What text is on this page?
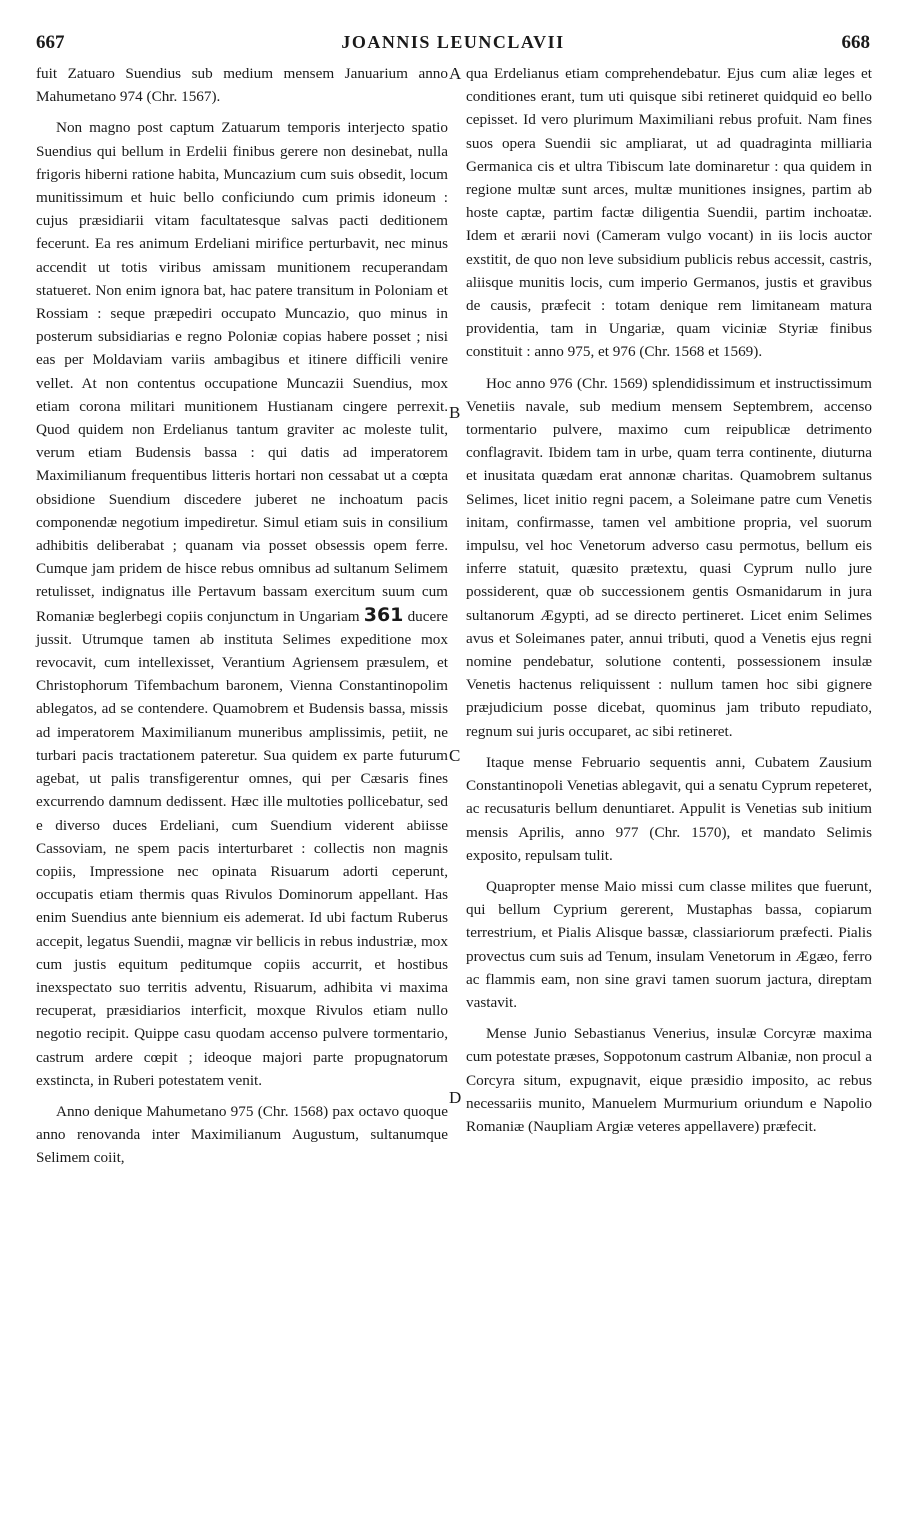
667	JOANNIS LEUNCLAVII	668
A
B
C
D

fuit Zatuaro Suendius sub medium mensem Januarium anno Mahumetano 974 (Chr. 1567).

Non magno post captum Zatuarum temporis interjecto spatio Suendius qui bellum in Erdelii finibus gerere non desinebat, nulla frigoris hiberni ratione habita, Muncazium cum suis obsedit, locum munitissimum et huic bello conficiundo cum primis idoneum : cujus præsidiarii vitam facultatesque salvas pacti deditionem fecerunt. Ea res animum Erdeliani mirifice perturbavit, nec minus accendit ut totis viribus amissam munitionem recuperandam statueret. Non enim ignora bat, hac patere transitum in Poloniam et Rossiam : seque præpediri occupato Muncazio, quo minus in posterum subsidiarias e regno Poloniæ copias habere posset ; nisi eas per Moldaviam variis ambagibus et itinere difficili venire vellet. At non contentus occupatione Muncazii Suendius, mox etiam corona militari munitionem Hustianam cingere perrexit. Quod quidem non Erdelianus tantum graviter ac moleste tulit, verum etiam Budensis bassa : qui datis ad imperatorem Maximilianum frequentibus litteris hortari non cessabat ut a cœpta obsidione Suendium discedere juberet ne inchoatum pacis componendæ negotium impediretur. Simul etiam suis in consilium adhibitis deliberabat ; quanam via posset obsessis opem ferre. Cumque jam pridem de hisce rebus omnibus ad sultanum Selimem retulisset, indignatus ille Pertavum bassam exercitum suum cum Romaniæ beglerbegi copiis conjunctum in Ungariam 361 ducere jussit. Utrumque tamen ab instituta Selimes expeditione mox revocavit, cum intellexisset, Verantium Agriensem præsulem, et Christophorum Tifembachum baronem, Vienna Constantinopolim ablegatos, ad se contendere. Quamobrem et Budensis bassa, missis ad imperatorem Maximilianum muneribus amplissimis, petiit, ne turbari pacis tractationem pateretur. Sua quidem ex parte futurum agebat, ut palis transfigerentur omnes, qui per Cæsaris fines excurrendo damnum dedissent. Hæc ille multoties pollicebatur, sed e diverso duces Erdeliani, cum Suendium viderent abiisse Cassoviam, ne spem pacis interturbaret : collectis non magnis copiis, Impressione nec opinata Risuarum adorti ceperunt, occupatis etiam thermis quas Rivulos Dominorum appellant. Has enim Suendius ante biennium eis ademerat. Id ubi factum Ruberus accepit, legatus Suendii, magnæ vir bellicis in rebus industriæ, mox cum justis equitum peditumque copiis accurrit, et hostibus inexspectato suo territis adventu, Risuarum, adhibita vi maxima recuperat, præsidiarios interficit, moxque Rivulos etiam nullo negotio recipit. Quippe casu quodam accenso pulvere tormentario, castrum ardere cœpit ; ideoque majori parte propugnatorum exstincta, in Ruberi potestatem venit.

Anno denique Mahumetano 975 (Chr. 1568) pax octavo quoque anno renovanda inter Maximilianum Augustum, sultanumque Selimem coiit,

qua Erdelianus etiam comprehendebatur. Ejus cum aliæ leges et conditiones erant, tum uti quisque sibi retineret quidquid eo bello cepisset. Id vero plurimum Maximiliani rebus profuit. Nam fines suos opera Suendii sic ampliarat, ut ad quadraginta milliaria Germanica cis et ultra Tibiscum late dominaretur : qua quidem in regione multæ sunt arces, multæ munitiones insignes, partim ab hoste captæ, partim factæ diligentia Suendii, partim inchoatæ. Idem et ærarii novi (Cameram vulgo vocant) in iis locis auctor exstitit, de quo non leve subsidium publicis rebus accessit, castris, aliisque munitis locis, cum imperio Germanos, justis et gravibus de causis, præfecit : totam denique rem limitaneam matura providentia, tam in Ungariæ, quam viciniæ Styriæ finibus constituit : anno 975, et 976 (Chr. 1568 et 1569).

Hoc anno 976 (Chr. 1569) splendidissimum et instructissimum Venetiis navale, sub medium mensem Septembrem, accenso tormentario pulvere, maximo cum reipublicæ detrimento conflagravit. Ibidem tam in urbe, quam terra continente, diuturna et inusitata quædam erat annonæ charitas. Quamobrem sultanus Selimes, licet initio regni pacem, a Soleimane patre cum Venetis initam, confirmasse, tamen vel ambitione propria, vel suorum impulsu, vel hoc Venetorum adverso casu permotus, bellum eis inferre statuit, quæsito prætextu, quasi Cyprum nullo jure possiderent, quæ ob successionem gentis Osmanidarum in jura sultanorum Ægypti, ad se directo pertineret. Licet enim Selimes avus et Soleimanes pater, annui tributi, quod a Venetis ejus regni nomine pendebatur, solutione contenti, possessionem insulæ Venetis hactenus reliquissent : nullum tamen hoc sibi gignere præjudicium posse dicebat, quominus jam tributo repudiato, regnum sui juris occuparet, ac sibi retineret.

Itaque mense Februario sequentis anni, Cubatem Zausium Constantinopoli Venetias ablegavit, qui a senatu Cyprum repeteret, ac recusaturis bellum denuntiaret. Appulit is Venetias sub initium mensis Aprilis, anno 977 (Chr. 1570), et mandato Selimis exposito, repulsam tulit.

Quapropter mense Maio missi cum classe milites que fuerunt, qui bellum Cyprium gererent, Mustaphas bassa, copiarum terrestrium, et Pialis Alisque bassæ, classiariorum præfecti. Pialis provectus cum suis ad Tenum, insulam Venetorum in Ægæo, ferro ac flammis eam, non sine gravi tamen suorum jactura, direptam vastavit.

Mense Junio Sebastianus Venerius, insulæ Corcyræ maxima cum potestate præses, Soppotonum castrum Albaniæ, non procul a Corcyra situm, expugnavit, eique præsidio imposito, ac rebus necessariis munito, Manuelem Murmurium oriundum e Napolio Romaniæ (Naupliam Argiæ veteres appellavere) præfecit.
